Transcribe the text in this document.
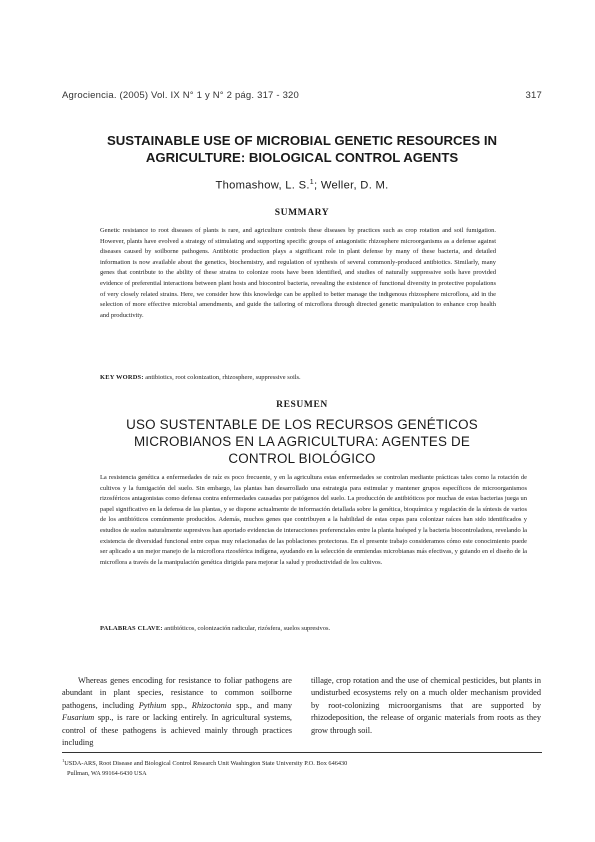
Agrociencia. (2005) Vol. IX N° 1 y N° 2 pág. 317 - 320	317
SUSTAINABLE USE OF MICROBIAL GENETIC RESOURCES IN
AGRICULTURE: BIOLOGICAL CONTROL AGENTS
Thomashow, L. S.$^1$; Weller, D. M.
SUMMARY

Genetic resistance to root diseases of plants is rare, and agriculture controls these diseases by practices such as crop rotation and soil fumigation. However, plants have evolved a strategy of stimulating and supporting specific groups of antagonistic rhizosphere microorganisms as a defense against diseases caused by soilborne pathogens. Antibiotic production plays a significant role in plant defense by many of these bacteria, and detailed information is now available about the genetics, biochemistry, and regulation of synthesis of several commonly-produced antibiotics. Similarly, many genes that contribute to the ability of these strains to colonize roots have been identified, and studies of naturally suppressive soils have provided evidence of preferential interactions between plant hosts and biocontrol bacteria, revealing the existence of functional diversity in protective populations of very closely related strains. Here, we consider how this knowledge can be applied to better manage the indigenous rhizosphere microflora, aid in the selection of more effective microbial amendments, and guide the tailoring of microflora through directed genetic manipulation to enhance crop health and productivity.

KEY WORDS: antibiotics, root colonization, rhizosphere, suppressive soils.
RESUMEN
USO SUSTENTABLE DE LOS RECURSOS GENÉTICOS
MICROBIANOS EN LA AGRICULTURA: AGENTES DE
CONTROL BIOLÓGICO

La resistencia genética a enfermedades de raíz es poco frecuente, y en la agricultura estas enfermedades se controlan mediante prácticas tales como la rotación de cultivos y la fumigación del suelo. Sin embargo, las plantas han desarrollado una estrategia para estimular y mantener grupos específicos de microorganismos rizosféricos antagonistas como defensa contra enfermedades causadas por patógenos del suelo. La producción de antibióticos por muchas de estas bacterias juega un papel significativo en la defensa de las plantas, y se dispone actualmente de información detallada sobre la genética, bioquímica y regulación de la síntesis de varios de los antibióticos comúnmente producidos. Además, muchos genes que contribuyen a la habilidad de estas cepas para colonizar raíces han sido identificados y estudios de suelos naturalmente supresivos han aportado evidencias de interacciones preferenciales entre la planta huésped y la bacteria biocontroladora, revelando la existencia de diversidad funcional entre cepas muy relacionadas de las poblaciones protectoras. En el presente trabajo consideramos cómo este conocimiento puede ser aplicado a un mejor manejo de la microflora rizosférica indígena, ayudando en la selección de enmiendas microbianas más efectivas, y guiando en el diseño de la microflora a través de la manipulación genética dirigida para mejorar la salud y productividad de los cultivos.

PALABRAS CLAVE: antibióticos, colonización radicular, rizósfera, suelos supresivos.

Whereas genes encoding for resistance to foliar pathogens are abundant in plant species, resistance to common soilborne pathogens, including Pythium spp., Rhizoctonia spp., and many Fusarium spp., is rare or lacking entirely. In agricultural systems, control of these pathogens is achieved mainly through practices including

tillage, crop rotation and the use of chemical pesticides, but plants in undisturbed ecosystems rely on a much older mechanism provided by root-colonizing microorganisms that are supported by rhizodeposition, the release of organic materials from roots as they grow through soil.

$^1$USDA-ARS, Root Disease and Biological Control Research Unit Washington State University P.O. Box 646430
Pullman, WA 99164-6430 USA
